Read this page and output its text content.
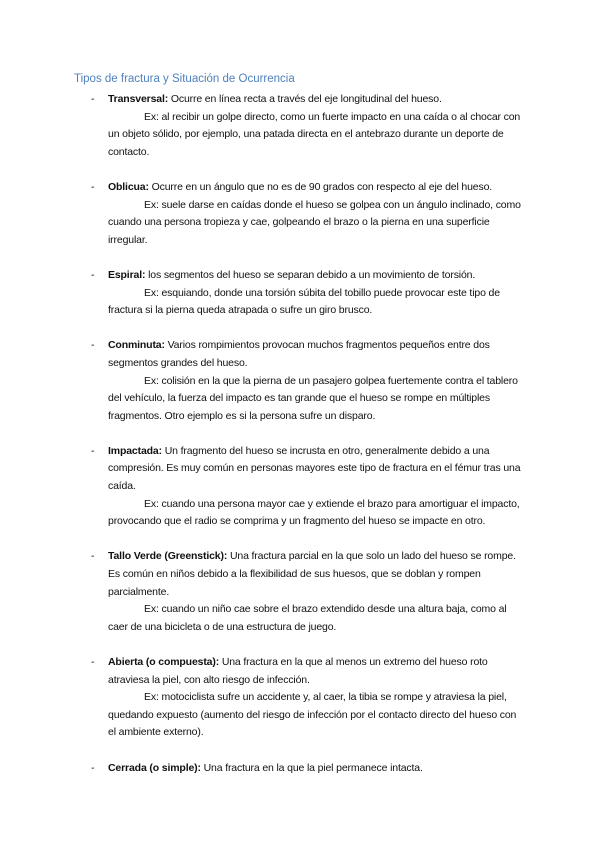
Tipos de fractura y Situación de Ocurrencia
- Transversal: Ocurre en línea recta a través del eje longitudinal del hueso.
Ex: al recibir un golpe directo, como un fuerte impacto en una caída o al chocar con un objeto sólido, por ejemplo, una patada directa en el antebrazo durante un deporte de contacto.
- Oblicua: Ocurre en un ángulo que no es de 90 grados con respecto al eje del hueso.
Ex: suele darse en caídas donde el hueso se golpea con un ángulo inclinado, como cuando una persona tropieza y cae, golpeando el brazo o la pierna en una superficie irregular.
- Espiral: los segmentos del hueso se separan debido a un movimiento de torsión.
Ex: esquiando, donde una torsión súbita del tobillo puede provocar este tipo de fractura si la pierna queda atrapada o sufre un giro brusco.
- Conminuta: Varios rompimientos provocan muchos fragmentos pequeños entre dos segmentos grandes del hueso.
Ex: colisión en la que la pierna de un pasajero golpea fuertemente contra el tablero del vehículo, la fuerza del impacto es tan grande que el hueso se rompe en múltiples fragmentos. Otro ejemplo es si la persona sufre un disparo.
- Impactada: Un fragmento del hueso se incrusta en otro, generalmente debido a una compresión. Es muy común en personas mayores este tipo de fractura en el fémur tras una caída.
Ex: cuando una persona mayor cae y extiende el brazo para amortiguar el impacto, provocando que el radio se comprima y un fragmento del hueso se impacte en otro.
- Tallo Verde (Greenstick): Una fractura parcial en la que solo un lado del hueso se rompe. Es común en niños debido a la flexibilidad de sus huesos, que se doblan y rompen parcialmente.
Ex: cuando un niño cae sobre el brazo extendido desde una altura baja, como al caer de una bicicleta o de una estructura de juego.
- Abierta (o compuesta): Una fractura en la que al menos un extremo del hueso roto atraviesa la piel, con alto riesgo de infección.
Ex: motociclista sufre un accidente y, al caer, la tibia se rompe y atraviesa la piel, quedando expuesto (aumento del riesgo de infección por el contacto directo del hueso con el ambiente externo).
- Cerrada (o simple): Una fractura en la que la piel permanece intacta.
